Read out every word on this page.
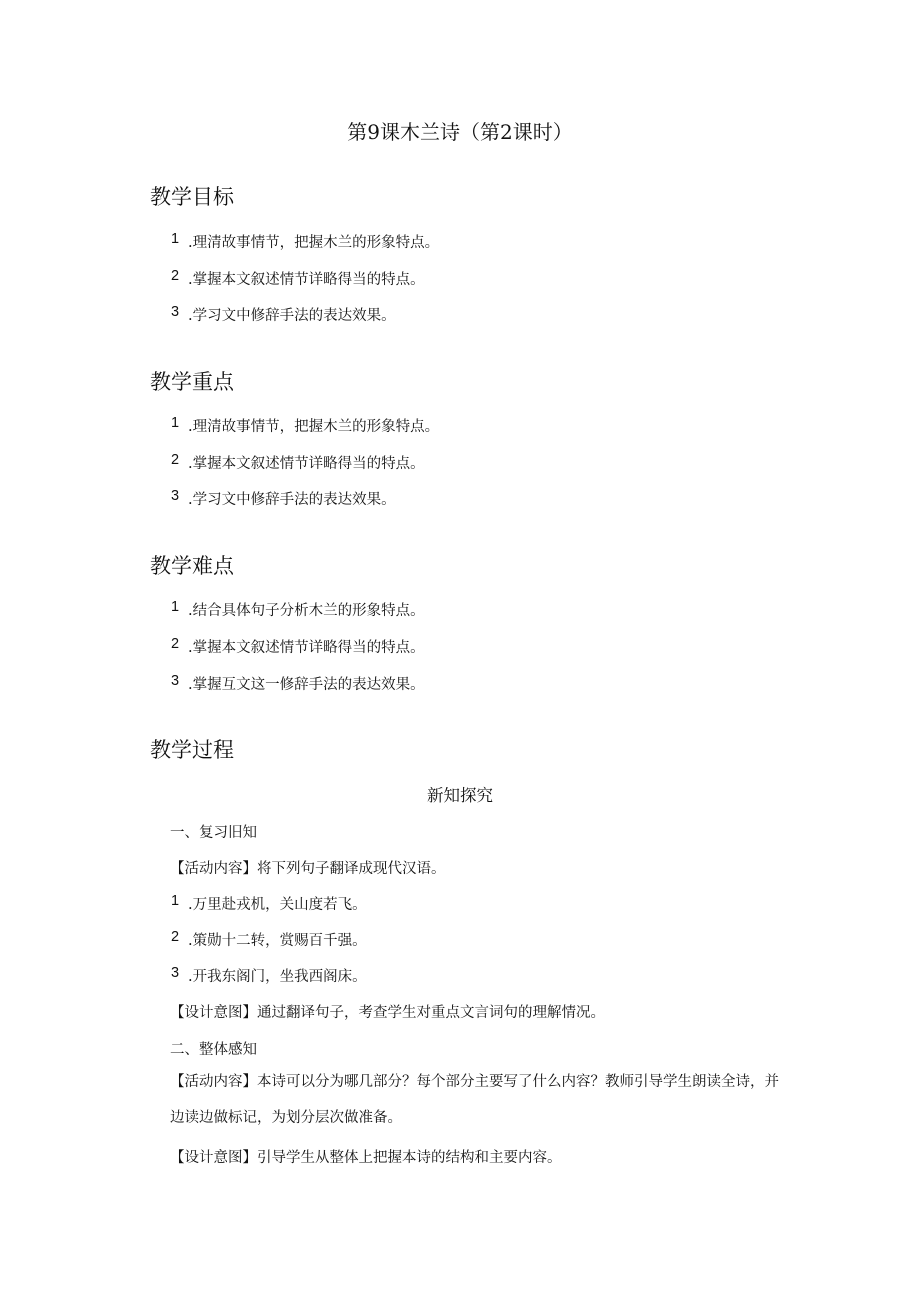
第9课木兰诗（第2课时）
教学目标
1 .理清故事情节，把握木兰的形象特点。
2 .掌握本文叙述情节详略得当的特点。
3 .学习文中修辞手法的表达效果。
教学重点
1 .理清故事情节，把握木兰的形象特点。
2 .掌握本文叙述情节详略得当的特点。
3 .学习文中修辞手法的表达效果。
教学难点
1 .结合具体句子分析木兰的形象特点。
2 .掌握本文叙述情节详略得当的特点。
3 .掌握互文这一修辞手法的表达效果。
教学过程
新知探究
一、复习旧知
【活动内容】将下列句子翻译成现代汉语。
1 .万里赴戎机，关山度若飞。
2 .策勋十二转，赏赐百千强。
3 .开我东阁门，坐我西阁床。
【设计意图】通过翻译句子，考查学生对重点文言词句的理解情况。
二、整体感知
【活动内容】本诗可以分为哪几部分？每个部分主要写了什么内容？教师引导学生朗读全诗，并边读边做标记，为划分层次做准备。
【设计意图】引导学生从整体上把握本诗的结构和主要内容。
